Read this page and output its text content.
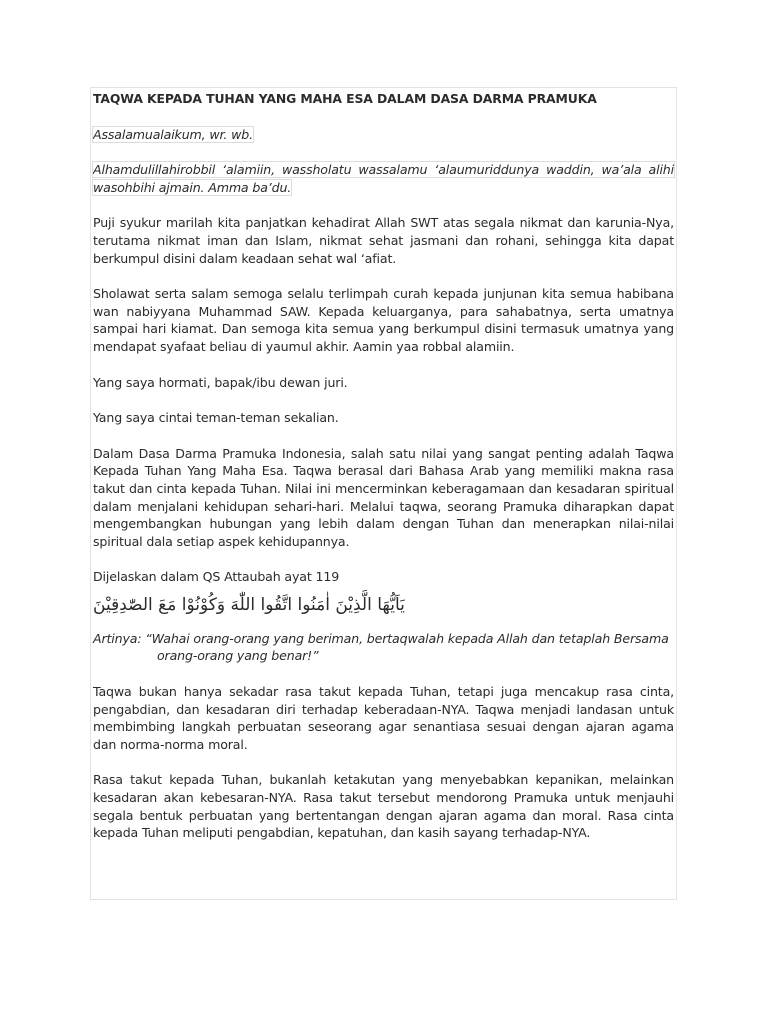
TAQWA KEPADA TUHAN YANG MAHA ESA DALAM DASA DARMA PRAMUKA

Assalamualaikum, wr. wb.

Alhamdulillahirobbil ‘alamiin, wassholatu wassalamu ‘alaumuriddunya waddin, wa’ala alihi wasohbihi ajmain. Amma ba’du.

Puji syukur marilah kita panjatkan kehadirat Allah SWT atas segala nikmat dan karunia-Nya, terutama nikmat iman dan Islam, nikmat sehat jasmani dan rohani, sehingga kita dapat berkumpul disini dalam keadaan sehat wal ‘afiat.

Sholawat serta salam semoga selalu terlimpah curah kepada junjunan kita semua habibana wan nabiyyana Muhammad SAW. Kepada keluarganya, para sahabatnya, serta umatnya sampai hari kiamat. Dan semoga kita semua yang berkumpul disini termasuk umatnya yang mendapat syafaat beliau di yaumul akhir. Aamin yaa robbal alamiin.

Yang saya hormati, bapak/ibu dewan juri.

Yang saya cintai teman-teman sekalian.

Dalam Dasa Darma Pramuka Indonesia, salah satu nilai yang sangat penting adalah Taqwa Kepada Tuhan Yang Maha Esa. Taqwa berasal dari Bahasa Arab yang memiliki makna rasa takut dan cinta kepada Tuhan. Nilai ini mencerminkan keberagamaan dan kesadaran spiritual dalam menjalani kehidupan sehari-hari. Melalui taqwa, seorang Pramuka diharapkan dapat mengembangkan hubungan yang lebih dalam dengan Tuhan dan menerapkan nilai-nilai spiritual dala setiap aspek kehidupannya.

Dijelaskan dalam QS Attaubah ayat 119

يَاَيُّهَا الَّذِيْنَ اٰمَنُوا اتَّقُوا اللّٰهَ وَكُوْنُوْا مَعَ الصّٰدِقِيْنَ

Artinya: “Wahai orang-orang yang beriman, bertaqwalah kepada Allah dan tetaplah Bersama orang-orang yang benar!”

Taqwa bukan hanya sekadar rasa takut kepada Tuhan, tetapi juga mencakup rasa cinta, pengabdian, dan kesadaran diri terhadap keberadaan-NYA. Taqwa menjadi landasan untuk membimbing langkah perbuatan seseorang agar senantiasa sesuai dengan ajaran agama dan norma-norma moral.

Rasa takut kepada Tuhan, bukanlah ketakutan yang menyebabkan kepanikan, melainkan kesadaran akan kebesaran-NYA. Rasa takut tersebut mendorong Pramuka untuk menjauhi segala bentuk perbuatan yang bertentangan dengan ajaran agama dan moral. Rasa cinta kepada Tuhan meliputi pengabdian, kepatuhan, dan kasih sayang terhadap-NYA.
